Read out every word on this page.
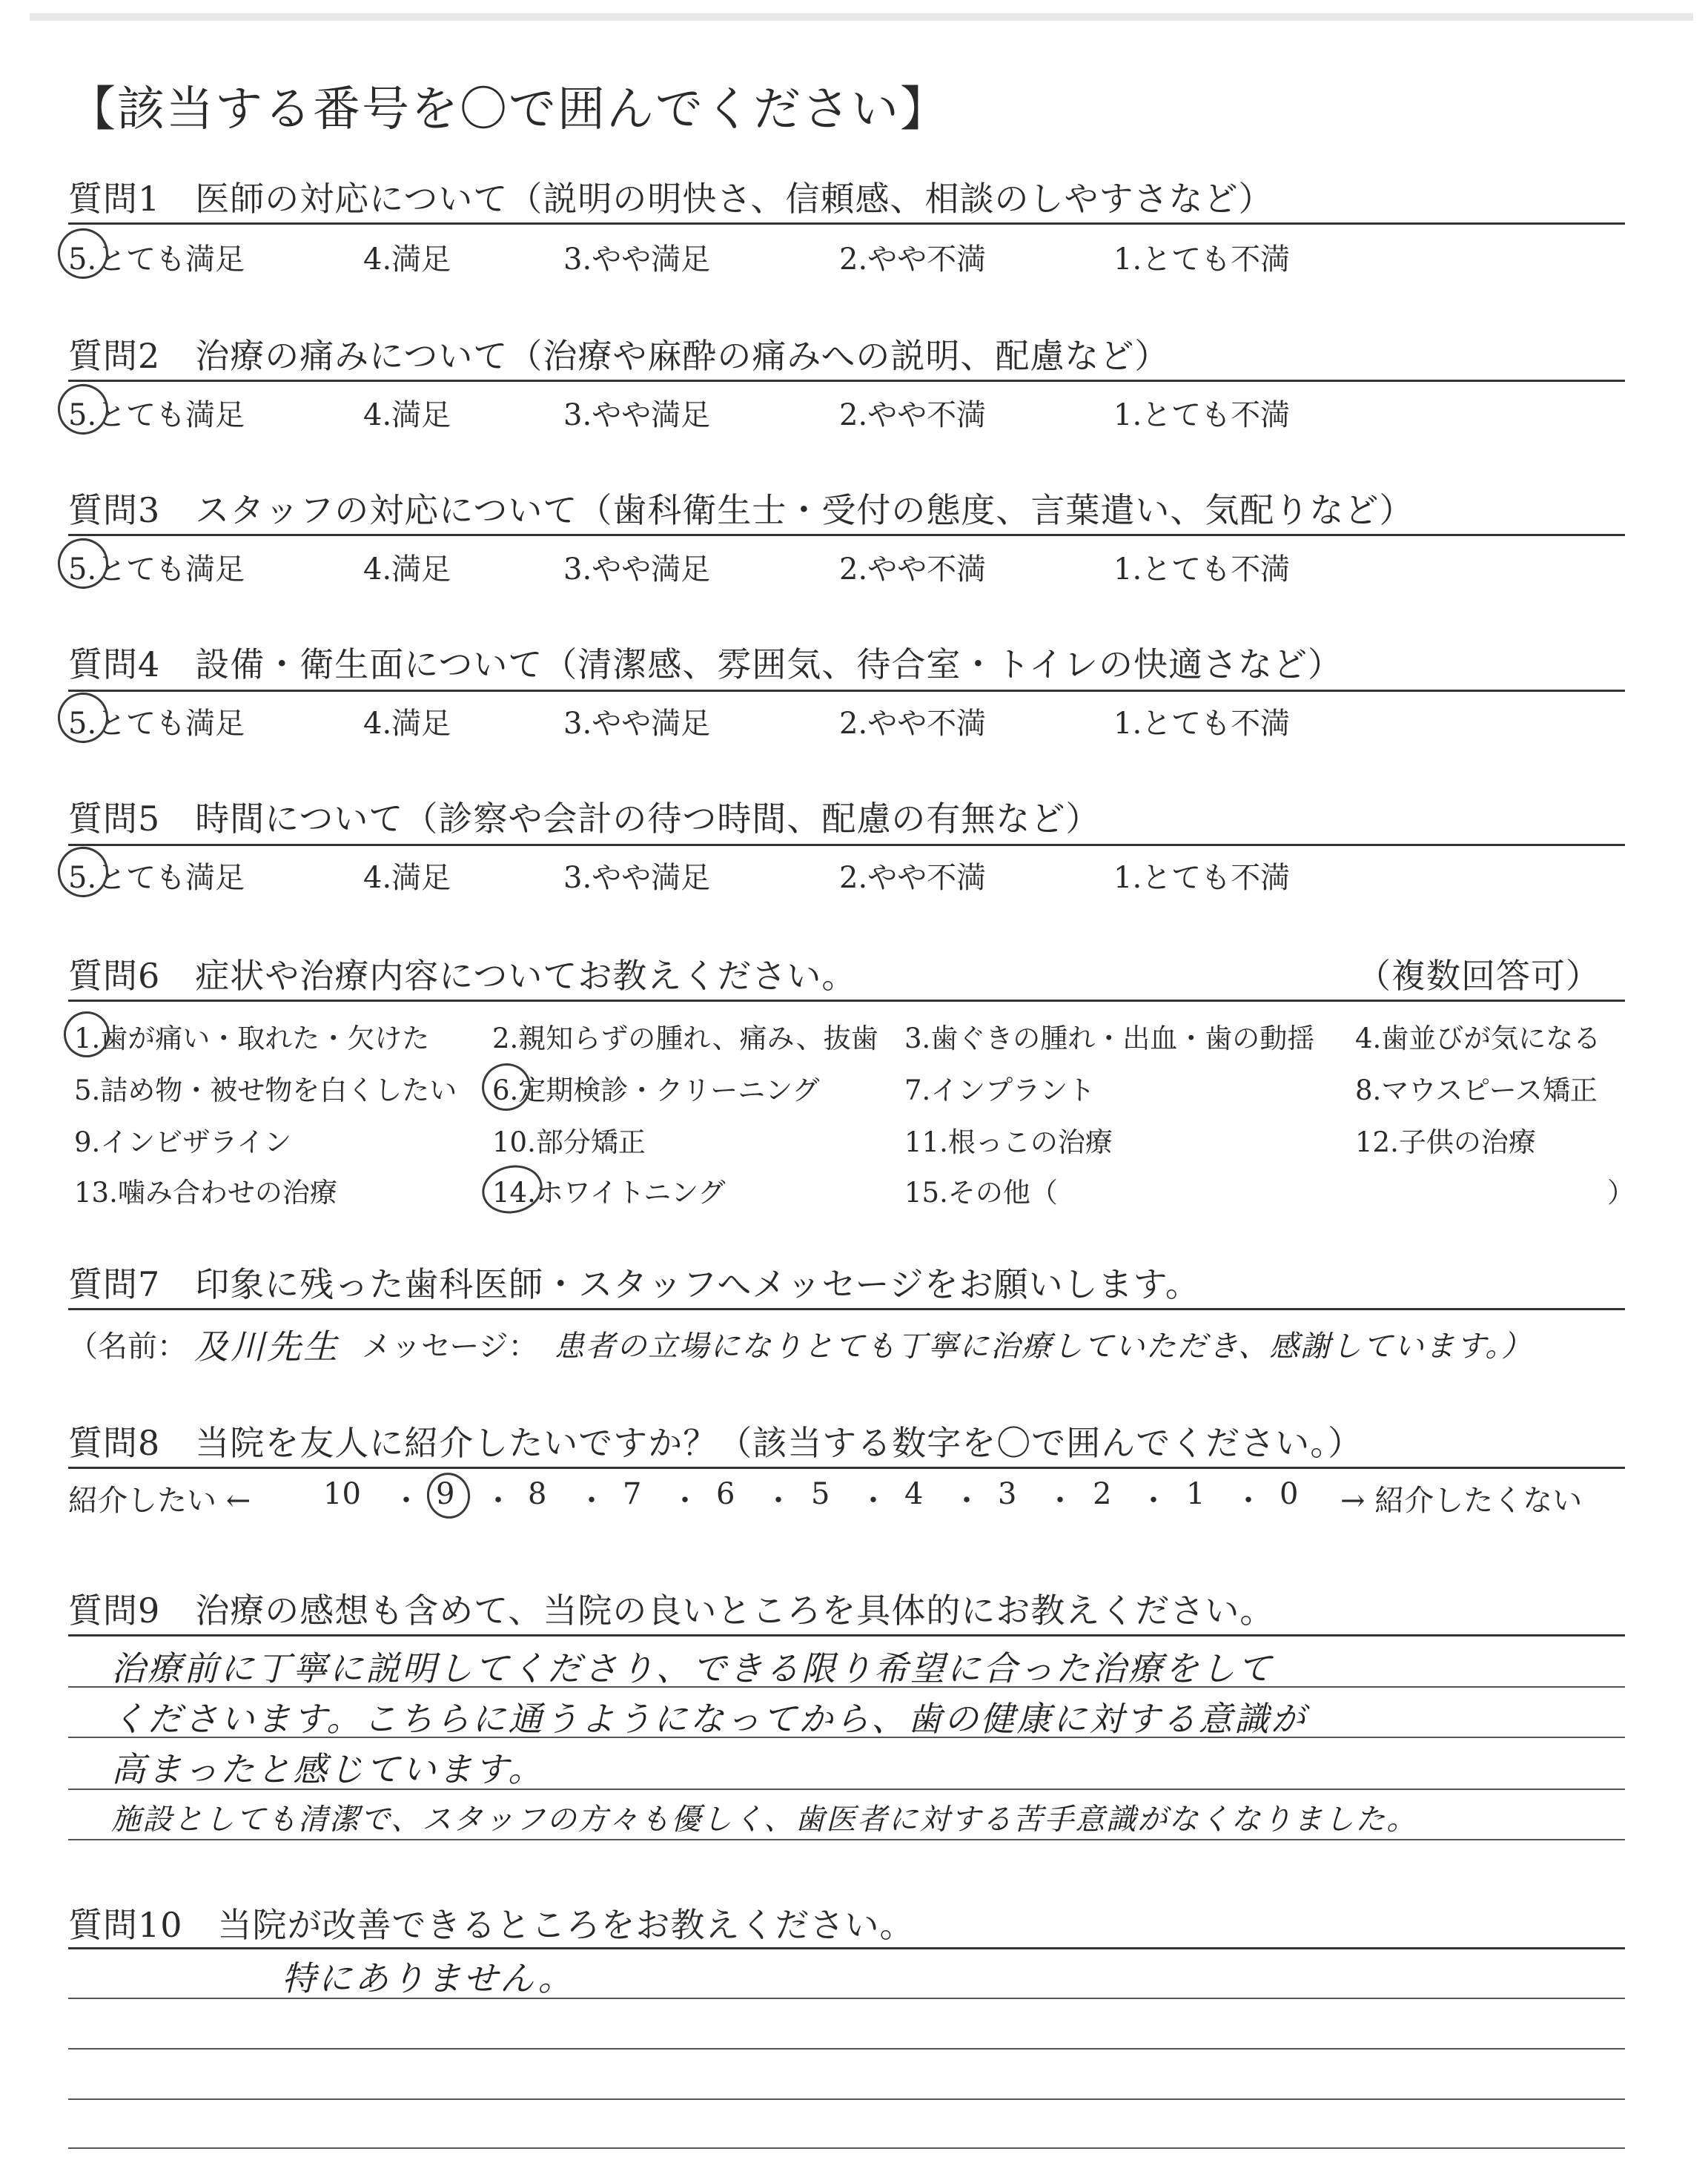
【該当する番号を〇で囲んでください】
質問1　医師の対応について（説明の明快さ、信頼感、相談のしやすさなど）
5.とても満足	4.満足	3.やや満足	2.やや不満	1.とても不満
質問2　治療の痛みについて（治療や麻酔の痛みへの説明、配慮など）
5.とても満足	4.満足	3.やや満足	2.やや不満	1.とても不満
質問3　スタッフの対応について（歯科衛生士・受付の態度、言葉遣い、気配りなど）
5.とても満足	4.満足	3.やや満足	2.やや不満	1.とても不満
質問4　設備・衛生面について（清潔感、雰囲気、待合室・トイレの快適さなど）
5.とても満足	4.満足	3.やや満足	2.やや不満	1.とても不満
質問5　時間について（診察や会計の待つ時間、配慮の有無など）
5.とても満足	4.満足	3.やや満足	2.やや不満	1.とても不満
質問6　症状や治療内容についてお教えください。	（複数回答可）
1.歯が痛い・取れた・欠けた 2.親知らずの腫れ、痛み、抜歯 3.歯ぐきの腫れ・出血・歯の動揺 4.歯並びが気になる
5.詰め物・被せ物を白くしたい 6.定期検診・クリーニング	7.インプラント	8.マウスピース矯正
9.インビザライン	10.部分矯正	11.根っこの治療	12.子供の治療
13.噛み合わせの治療	14.ホワイトニング	15.その他（	）
質問7　印象に残った歯科医師・スタッフへメッセージをお願いします。
（名前： 及川先生 メッセージ： 患者の立場になりとても丁寧に治療していただき、感謝しています。）
質問8　当院を友人に紹介したいですか？（該当する数字を〇で囲んでください。）
紹介したい ← 10 ・ 9 ・ 8 ・ 7 ・ 6 ・ 5 ・ 4 ・ 3 ・ 2 ・ 1 ・ 0 → 紹介したくない
質問9　治療の感想も含めて、当院の良いところを具体的にお教えください。
治療前に丁寧に説明してくださり、できる限り希望に合った治療をして
くださいます。こちらに通うようになってから、歯の健康に対する意識が
高まったと感じています。
施設としても清潔で、スタッフの方々も優しく、歯医者に対する苦手意識がなくなりました。
質問10　当院が改善できるところをお教えください。
特にありません。
